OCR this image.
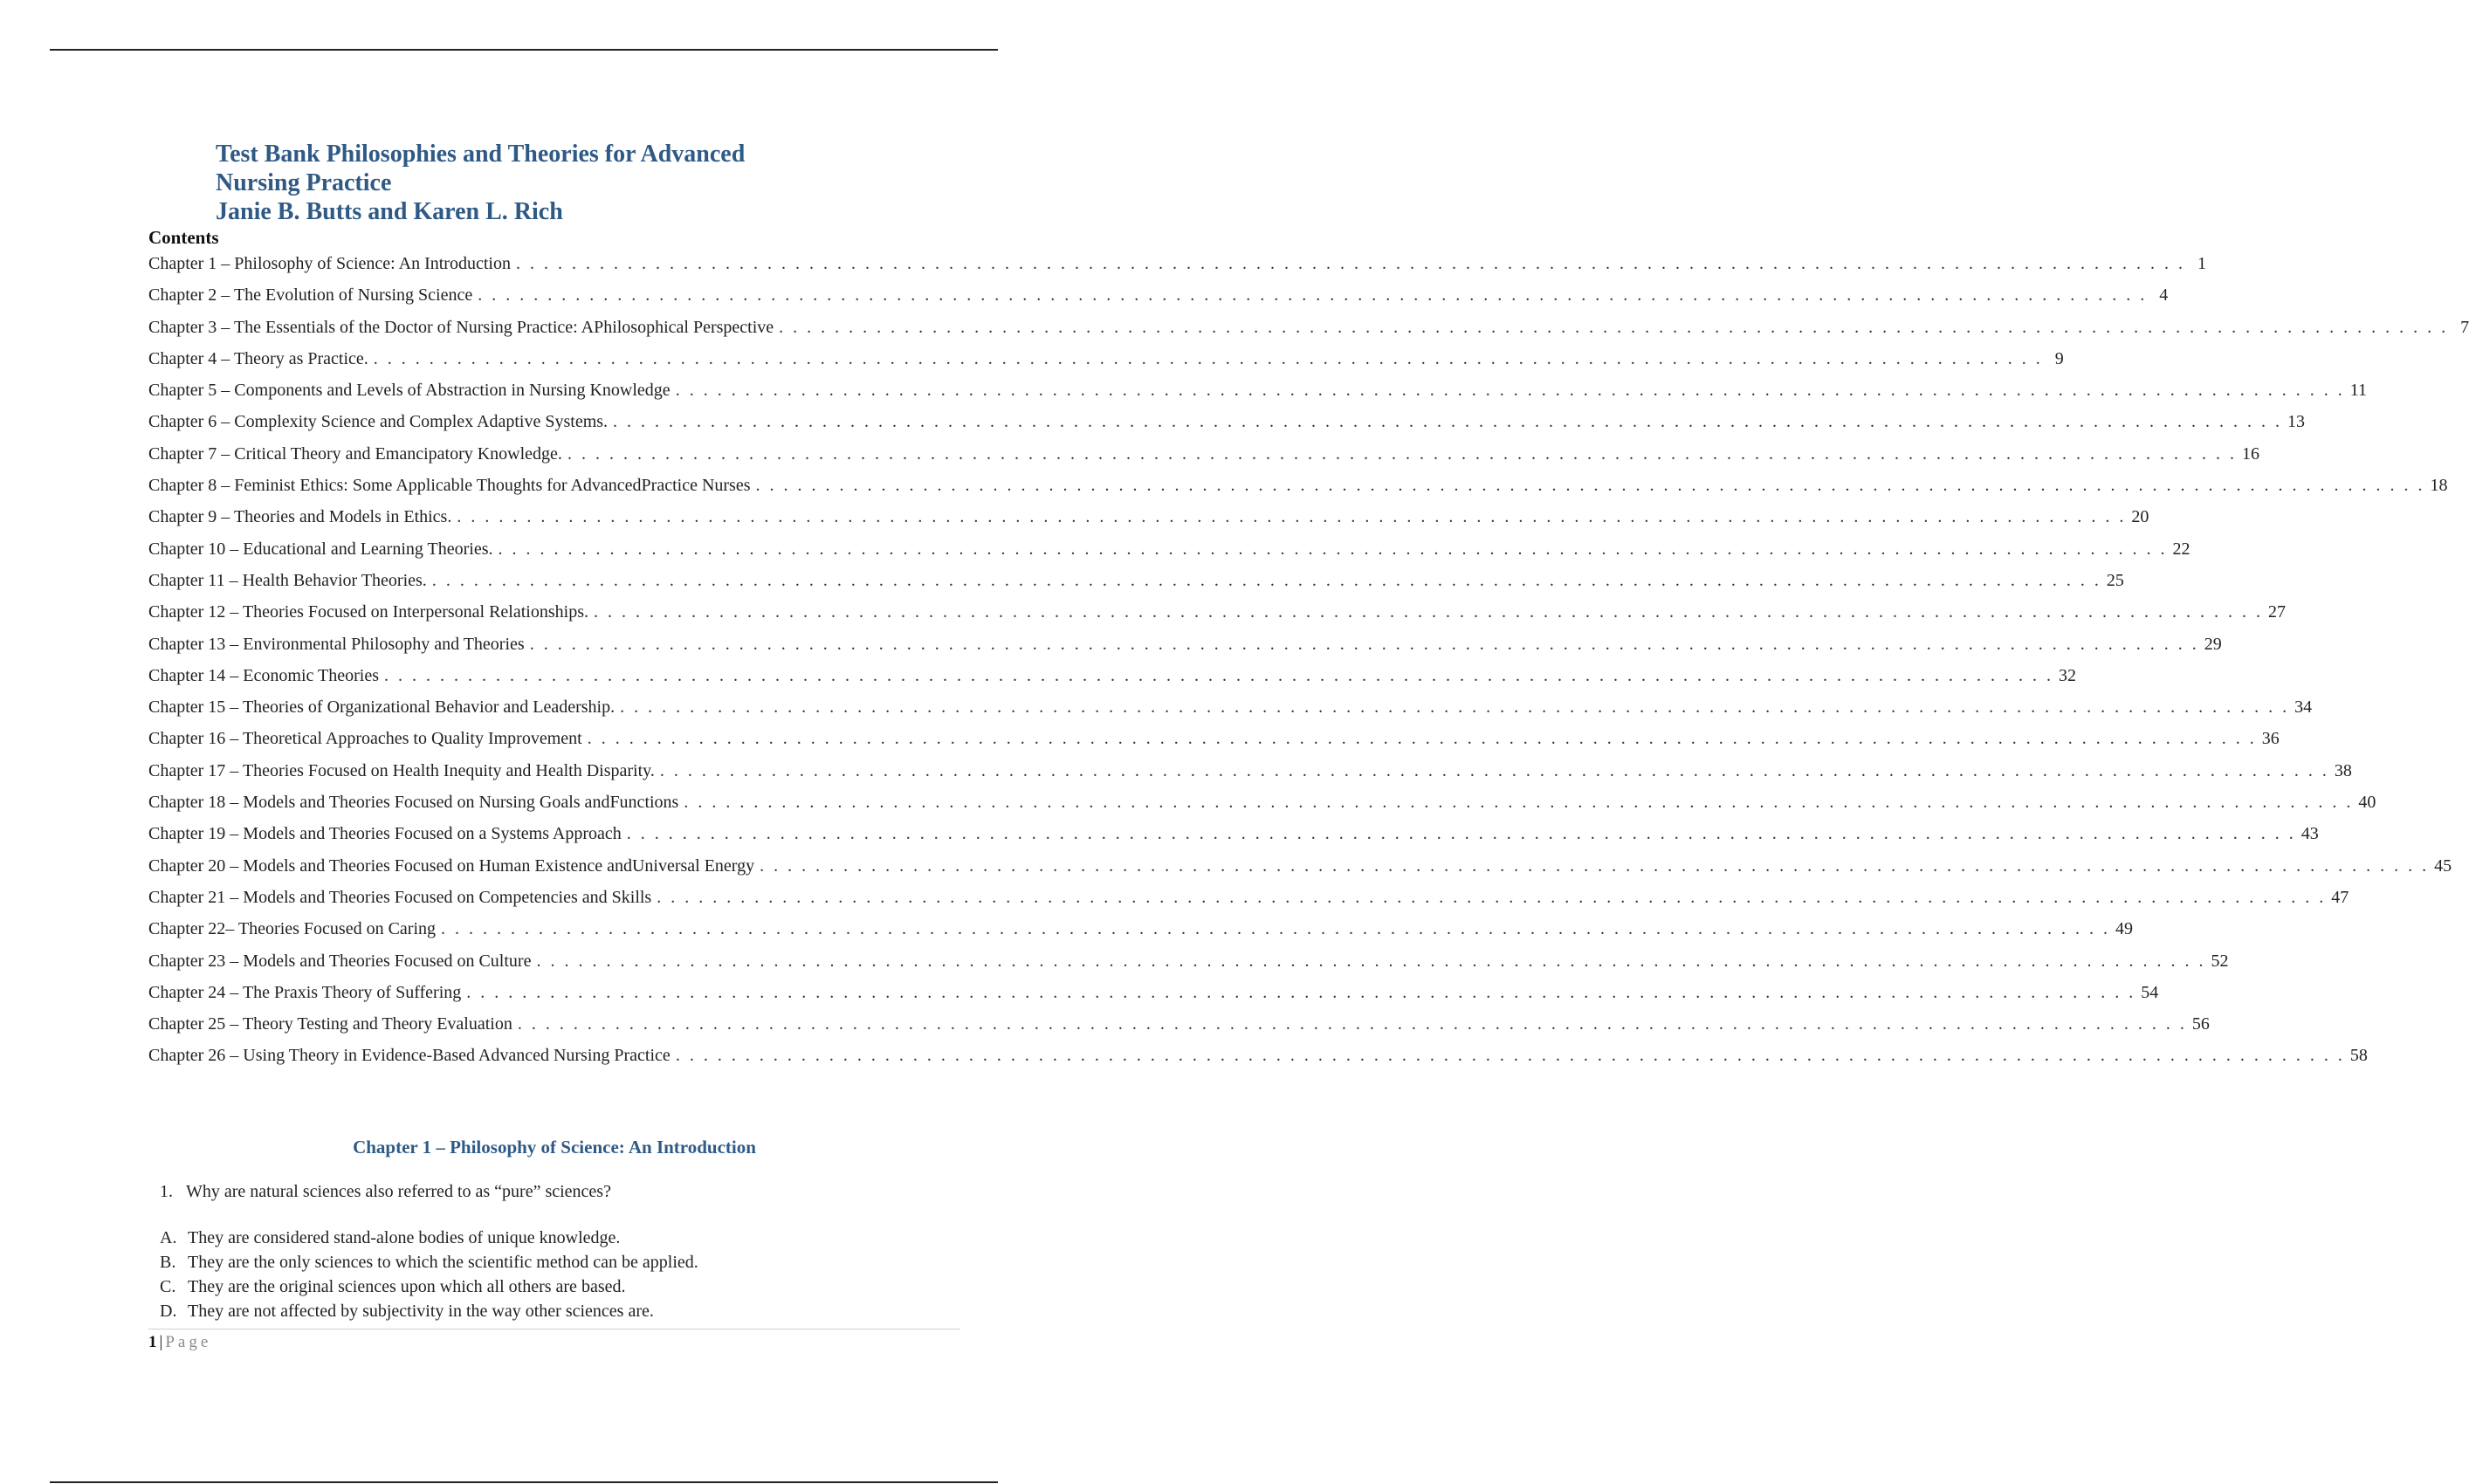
Test Bank Philosophies and Theories for Advanced
Nursing Practice
Janie B. Butts and Karen L. Rich
Contents
Chapter 1 – Philosophy of Science: An Introduction . . . . . . . . . . . . . . . . . . . . . . . . . . . . . . . . . . . . . . . . . . . . . . . . . . . . . . . . . . . . . . . . . . . . . . . . . . . . . . . . . . . . . . . . . . . . . . . . . . . . . . . . . . . . . . . . . . . . . . . . 1
Chapter 2 – The Evolution of Nursing Science . . . . . . . . . . . . . . . . . . . . . . . . . . . . . . . . . . . . . . . . . . . . . . . . . . . . . . . . . . . . . . . . . . . . . . . . . . . . . . . . . . . . . . . . . . . . . . . . . . . . . . . . . . . . . . . . . . . . . . . . 4
Chapter 3 – The Essentials of the Doctor of Nursing Practice: APhilosophical Perspective . . . . . . . . . . . . . . . . . . . . . . . . . . . . . . . . . . . . . . . . . . . . . . . . . . . . . . . . . . . . . . . . . . . . . . . . . . . . . . . . . . . . . . . . . . . . . . . . . . . . . . . . . . . . . . . . . . . . . . . . 7
Chapter 4 – Theory as Practice. . . . . . . . . . . . . . . . . . . . . . . . . . . . . . . . . . . . . . . . . . . . . . . . . . . . . . . . . . . . . . . . . . . . . . . . . . . . . . . . . . . . . . . . . . . . . . . . . . . . . . . . . . . . . . . . . . . . . . . . . 9
Chapter 5 – Components and Levels of Abstraction in Nursing Knowledge . . . . . . . . . . . . . . . . . . . . . . . . . . . . . . . . . . . . . . . . . . . . . . . . . . . . . . . . . . . . . . . . . . . . . . . . . . . . . . . . . . . . . . . . . . . . . . . . . . . . . . . . . . . . . . . . . . . . . . . . 11
Chapter 6 – Complexity Science and Complex Adaptive Systems. . . . . . . . . . . . . . . . . . . . . . . . . . . . . . . . . . . . . . . . . . . . . . . . . . . . . . . . . . . . . . . . . . . . . . . . . . . . . . . . . . . . . . . . . . . . . . . . . . . . . . . . . . . . . . . . . . . . . . . . . 13
Chapter 7 – Critical Theory and Emancipatory Knowledge. . . . . . . . . . . . . . . . . . . . . . . . . . . . . . . . . . . . . . . . . . . . . . . . . . . . . . . . . . . . . . . . . . . . . . . . . . . . . . . . . . . . . . . . . . . . . . . . . . . . . . . . . . . . . . . . . . . . . . . . . 16
Chapter 8 – Feminist Ethics: Some Applicable Thoughts for AdvancedPractice Nurses . . . . . . . . . . . . . . . . . . . . . . . . . . . . . . . . . . . . . . . . . . . . . . . . . . . . . . . . . . . . . . . . . . . . . . . . . . . . . . . . . . . . . . . . . . . . . . . . . . . . . . . . . . . . . . . . . . . . . . . . 18
Chapter 9 – Theories and Models in Ethics. . . . . . . . . . . . . . . . . . . . . . . . . . . . . . . . . . . . . . . . . . . . . . . . . . . . . . . . . . . . . . . . . . . . . . . . . . . . . . . . . . . . . . . . . . . . . . . . . . . . . . . . . . . . . . . . . . . . . . . . . 20
Chapter 10 – Educational and Learning Theories. . . . . . . . . . . . . . . . . . . . . . . . . . . . . . . . . . . . . . . . . . . . . . . . . . . . . . . . . . . . . . . . . . . . . . . . . . . . . . . . . . . . . . . . . . . . . . . . . . . . . . . . . . . . . . . . . . . . . . . . . 22
Chapter 11 – Health Behavior Theories. . . . . . . . . . . . . . . . . . . . . . . . . . . . . . . . . . . . . . . . . . . . . . . . . . . . . . . . . . . . . . . . . . . . . . . . . . . . . . . . . . . . . . . . . . . . . . . . . . . . . . . . . . . . . . . . . . . . . . . . . 25
Chapter 12 – Theories Focused on Interpersonal Relationships. . . . . . . . . . . . . . . . . . . . . . . . . . . . . . . . . . . . . . . . . . . . . . . . . . . . . . . . . . . . . . . . . . . . . . . . . . . . . . . . . . . . . . . . . . . . . . . . . . . . . . . . . . . . . . . . . . . . . . . . . 27
Chapter 13 – Environmental Philosophy and Theories . . . . . . . . . . . . . . . . . . . . . . . . . . . . . . . . . . . . . . . . . . . . . . . . . . . . . . . . . . . . . . . . . . . . . . . . . . . . . . . . . . . . . . . . . . . . . . . . . . . . . . . . . . . . . . . . . . . . . . . . 29
Chapter 14 – Economic Theories . . . . . . . . . . . . . . . . . . . . . . . . . . . . . . . . . . . . . . . . . . . . . . . . . . . . . . . . . . . . . . . . . . . . . . . . . . . . . . . . . . . . . . . . . . . . . . . . . . . . . . . . . . . . . . . . . . . . . . . . 32
Chapter 15 – Theories of Organizational Behavior and Leadership. . . . . . . . . . . . . . . . . . . . . . . . . . . . . . . . . . . . . . . . . . . . . . . . . . . . . . . . . . . . . . . . . . . . . . . . . . . . . . . . . . . . . . . . . . . . . . . . . . . . . . . . . . . . . . . . . . . . . . . . . 34
Chapter 16 – Theoretical Approaches to Quality Improvement . . . . . . . . . . . . . . . . . . . . . . . . . . . . . . . . . . . . . . . . . . . . . . . . . . . . . . . . . . . . . . . . . . . . . . . . . . . . . . . . . . . . . . . . . . . . . . . . . . . . . . . . . . . . . . . . . . . . . . . . 36
Chapter 17 – Theories Focused on Health Inequity and Health Disparity. . . . . . . . . . . . . . . . . . . . . . . . . . . . . . . . . . . . . . . . . . . . . . . . . . . . . . . . . . . . . . . . . . . . . . . . . . . . . . . . . . . . . . . . . . . . . . . . . . . . . . . . . . . . . . . . . . . . . . . . . 38
Chapter 18 – Models and Theories Focused on Nursing Goals andFunctions . . . . . . . . . . . . . . . . . . . . . . . . . . . . . . . . . . . . . . . . . . . . . . . . . . . . . . . . . . . . . . . . . . . . . . . . . . . . . . . . . . . . . . . . . . . . . . . . . . . . . . . . . . . . . . . . . . . . . . . . 40
Chapter 19 – Models and Theories Focused on a Systems Approach . . . . . . . . . . . . . . . . . . . . . . . . . . . . . . . . . . . . . . . . . . . . . . . . . . . . . . . . . . . . . . . . . . . . . . . . . . . . . . . . . . . . . . . . . . . . . . . . . . . . . . . . . . . . . . . . . . . . . . . . 43
Chapter 20 – Models and Theories Focused on Human Existence andUniversal Energy . . . . . . . . . . . . . . . . . . . . . . . . . . . . . . . . . . . . . . . . . . . . . . . . . . . . . . . . . . . . . . . . . . . . . . . . . . . . . . . . . . . . . . . . . . . . . . . . . . . . . . . . . . . . . . . . . . . . . . . . 45
Chapter 21 – Models and Theories Focused on Competencies and Skills . . . . . . . . . . . . . . . . . . . . . . . . . . . . . . . . . . . . . . . . . . . . . . . . . . . . . . . . . . . . . . . . . . . . . . . . . . . . . . . . . . . . . . . . . . . . . . . . . . . . . . . . . . . . . . . . . . . . . . . . 47
Chapter 22– Theories Focused on Caring . . . . . . . . . . . . . . . . . . . . . . . . . . . . . . . . . . . . . . . . . . . . . . . . . . . . . . . . . . . . . . . . . . . . . . . . . . . . . . . . . . . . . . . . . . . . . . . . . . . . . . . . . . . . . . . . . . . . . . . . 49
Chapter 23 – Models and Theories Focused on Culture . . . . . . . . . . . . . . . . . . . . . . . . . . . . . . . . . . . . . . . . . . . . . . . . . . . . . . . . . . . . . . . . . . . . . . . . . . . . . . . . . . . . . . . . . . . . . . . . . . . . . . . . . . . . . . . . . . . . . . . . 52
Chapter 24 – The Praxis Theory of Suffering . . . . . . . . . . . . . . . . . . . . . . . . . . . . . . . . . . . . . . . . . . . . . . . . . . . . . . . . . . . . . . . . . . . . . . . . . . . . . . . . . . . . . . . . . . . . . . . . . . . . . . . . . . . . . . . . . . . . . . . . 54
Chapter 25 – Theory Testing and Theory Evaluation . . . . . . . . . . . . . . . . . . . . . . . . . . . . . . . . . . . . . . . . . . . . . . . . . . . . . . . . . . . . . . . . . . . . . . . . . . . . . . . . . . . . . . . . . . . . . . . . . . . . . . . . . . . . . . . . . . . . . . . . 56
Chapter 26 – Using Theory in Evidence-Based Advanced Nursing Practice . . . . . . . . . . . . . . . . . . . . . . . . . . . . . . . . . . . . . . . . . . . . . . . . . . . . . . . . . . . . . . . . . . . . . . . . . . . . . . . . . . . . . . . . . . . . . . . . . . . . . . . . . . . . . . . . . . . . . . . . 58
Chapter 1 – Philosophy of Science: An Introduction
1. Why are natural sciences also referred to as “pure” sciences?
A. They are considered stand-alone bodies of unique knowledge.
B. They are the only sciences to which the scientific method can be applied.
C. They are the original sciences upon which all others are based.
D. They are not affected by subjectivity in the way other sciences are.
1 | Page
